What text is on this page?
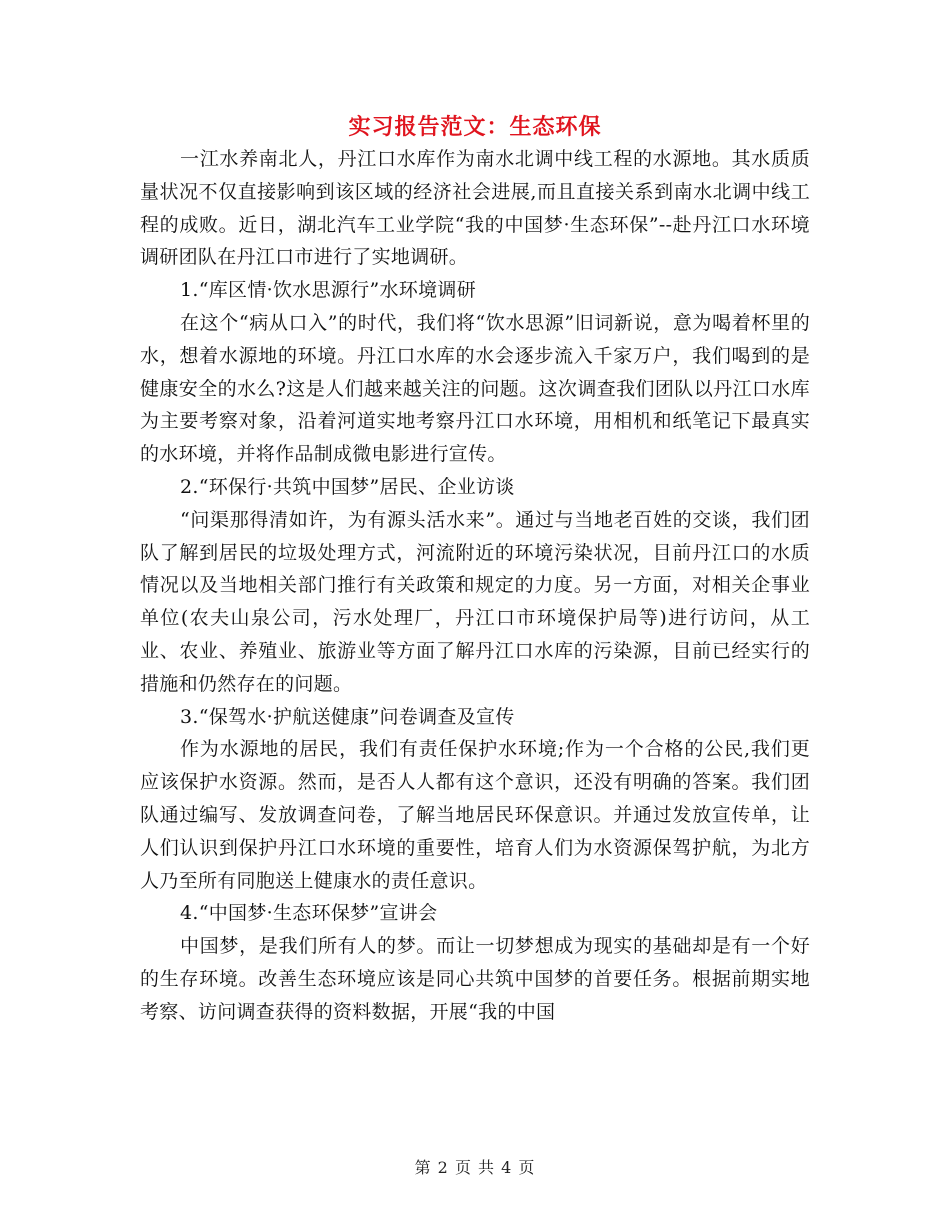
实习报告范文：生态环保

一江水养南北人，丹江口水库作为南水北调中线工程的水源地。其水质质量状况不仅直接影响到该区域的经济社会进展,而且直接关系到南水北调中线工程的成败。近日，湖北汽车工业学院“我的中国梦·生态环保”--赴丹江口水环境调研团队在丹江口市进行了实地调研。

1.“库区情·饮水思源行”水环境调研

在这个“病从口入”的时代，我们将“饮水思源”旧词新说，意为喝着杯里的水，想着水源地的环境。丹江口水库的水会逐步流入千家万户，我们喝到的是健康安全的水么?这是人们越来越关注的问题。这次调查我们团队以丹江口水库为主要考察对象，沿着河道实地考察丹江口水环境，用相机和纸笔记下最真实的水环境，并将作品制成微电影进行宣传。

2.“环保行·共筑中国梦”居民、企业访谈

“问渠那得清如许，为有源头活水来”。通过与当地老百姓的交谈，我们团队了解到居民的垃圾处理方式，河流附近的环境污染状况，目前丹江口的水质情况以及当地相关部门推行有关政策和规定的力度。另一方面，对相关企事业单位(农夫山泉公司，污水处理厂，丹江口市环境保护局等)进行访问，从工业、农业、养殖业、旅游业等方面了解丹江口水库的污染源，目前已经实行的措施和仍然存在的问题。

3.“保驾水·护航送健康”问卷调查及宣传

作为水源地的居民，我们有责任保护水环境;作为一个合格的公民,我们更应该保护水资源。然而，是否人人都有这个意识，还没有明确的答案。我们团队通过编写、发放调查问卷，了解当地居民环保意识。并通过发放宣传单，让人们认识到保护丹江口水环境的重要性，培育人们为水资源保驾护航，为北方人乃至所有同胞送上健康水的责任意识。

4.“中国梦·生态环保梦”宣讲会

中国梦，是我们所有人的梦。而让一切梦想成为现实的基础却是有一个好的生存环境。改善生态环境应该是同心共筑中国梦的首要任务。根据前期实地考察、访问调查获得的资料数据，开展“我的中国

第 2 页 共 4 页
